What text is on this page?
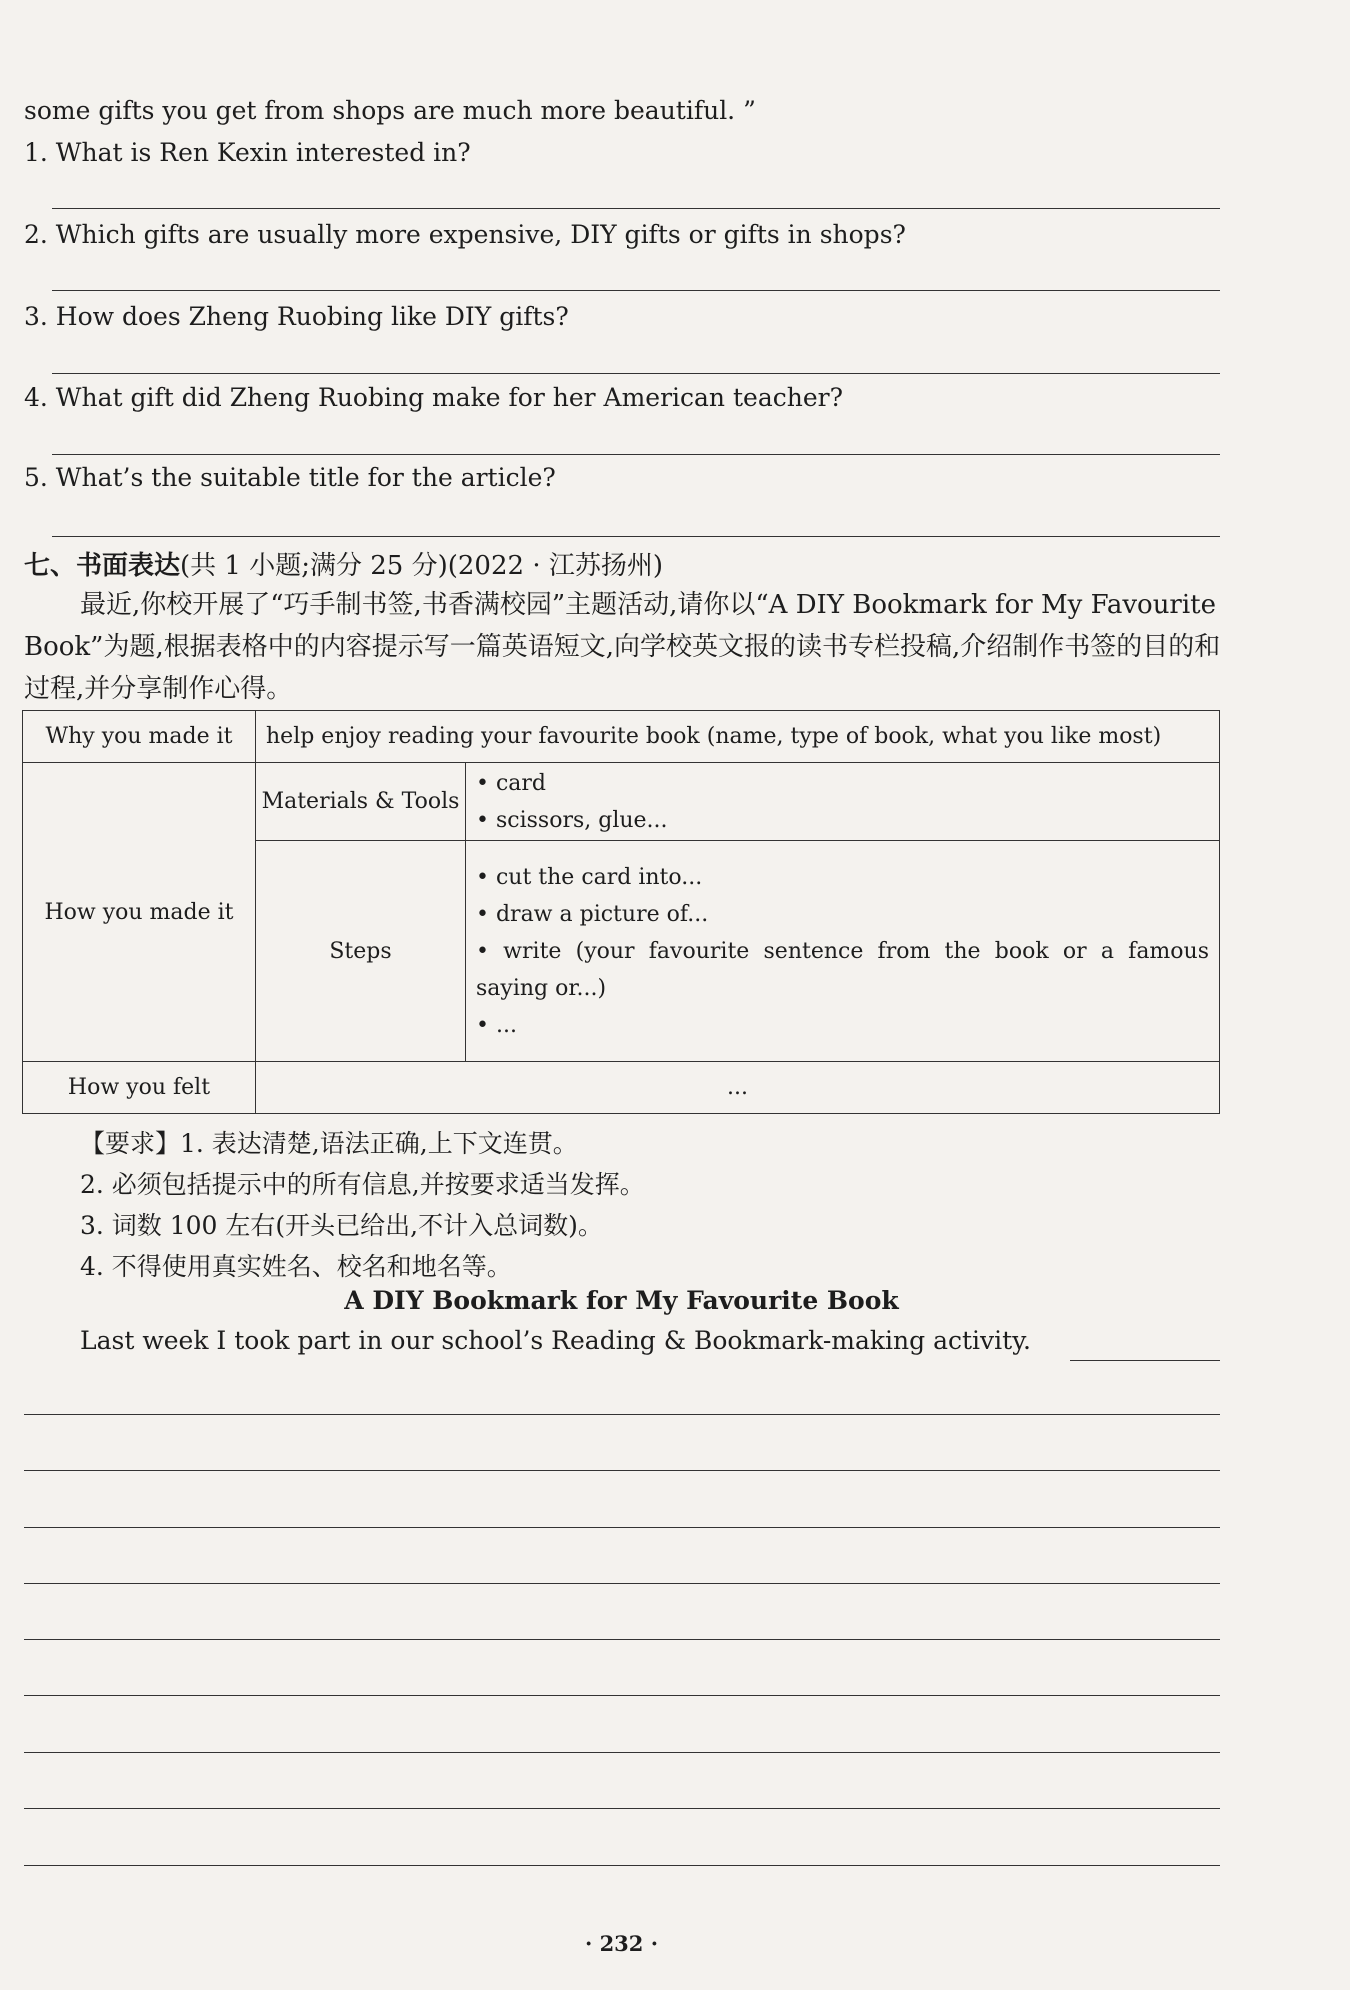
some gifts you get from shops are much more beautiful. ”
1. What is Ren Kexin interested in?
2. Which gifts are usually more expensive, DIY gifts or gifts in shops?
3. How does Zheng Ruobing like DIY gifts?
4. What gift did Zheng Ruobing make for her American teacher?
5. What’s the suitable title for the article?
七、书面表达(共 1 小题;满分 25 分)(2022 · 江苏扬州)

最近,你校开展了“巧手制书签,书香满校园”主题活动,请你以“A DIY Bookmark for My Favourite Book”为题,根据表格中的内容提示写一篇英语短文,向学校英文报的读书专栏投稿,介绍制作书签的目的和过程,并分享制作心得。

Why you made it	help enjoy reading your favourite book (name, type of book, what you like most)	
How you made it	Materials & Tools	• card
• scissors, glue...

	Steps	• cut the card into...
• draw a picture of...
• write (your favourite sentence from the book or a famous saying or...)
• ...

How you felt	...	
【要求】1. 表达清楚,语法正确,上下文连贯。
2. 必须包括提示中的所有信息,并按要求适当发挥。
3. 词数 100 左右(开头已给出,不计入总词数)。
4. 不得使用真实姓名、校名和地名等。
A DIY Bookmark for My Favourite Book
Last week I took part in our school’s Reading & Bookmark-making activity.
· 232 ·
